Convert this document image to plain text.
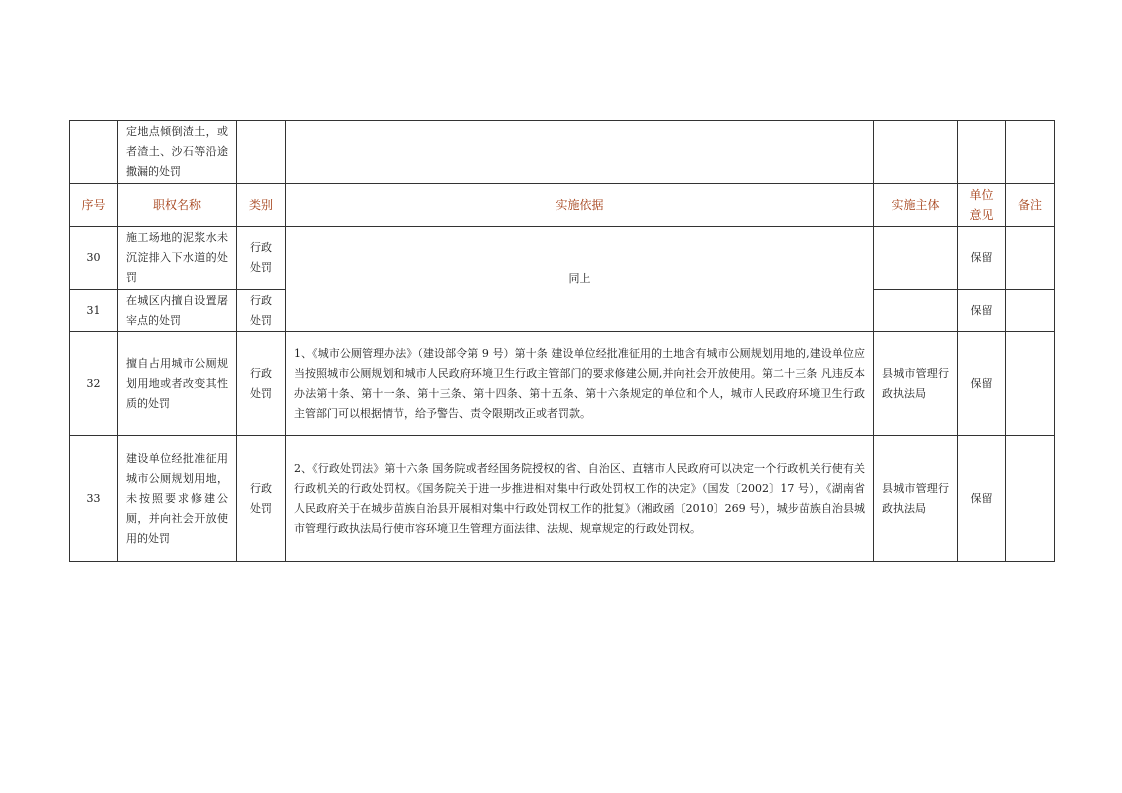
	定地点倾倒渣土，或者渣土、沙石等沿途撒漏的处罚					
序号	职权名称	类别	实施依据	实施主体	单位意见	备注
30	施工场地的泥浆水未沉淀排入下水道的处罚	行政处罚	同上		保留	
31	在城区内擅自设置屠宰点的处罚	行政处罚			保留	
32	擅自占用城市公厕规划用地或者改变其性质的处罚	行政处罚	1、《城市公厕管理办法》（建设部令第 9 号）第十条 建设单位经批准征用的土地含有城市公厕规划用地的,建设单位应当按照城市公厕规划和城市人民政府环境卫生行政主管部门的要求修建公厕,并向社会开放使用。第二十三条 凡违反本办法第十条、第十一条、第十三条、第十四条、第十五条、第十六条规定的单位和个人，城市人民政府环境卫生行政主管部门可以根据情节，给予警告、责令限期改正或者罚款。	县城市管理行政执法局	保留	
33	建设单位经批准征用城市公厕规划用地，未按照要求修建公厕，并向社会开放使用的处罚	行政处罚	2、《行政处罚法》第十六条 国务院或者经国务院授权的省、自治区、直辖市人民政府可以决定一个行政机关行使有关行政机关的行政处罚权。《国务院关于进一步推进相对集中行政处罚权工作的决定》（国发〔2002〕17 号），《湖南省人民政府关于在城步苗族自治县开展相对集中行政处罚权工作的批复》（湘政函〔2010〕269 号），城步苗族自治县城市管理行政执法局行使市容环境卫生管理方面法律、法规、规章规定的行政处罚权。	县城市管理行政执法局	保留	
